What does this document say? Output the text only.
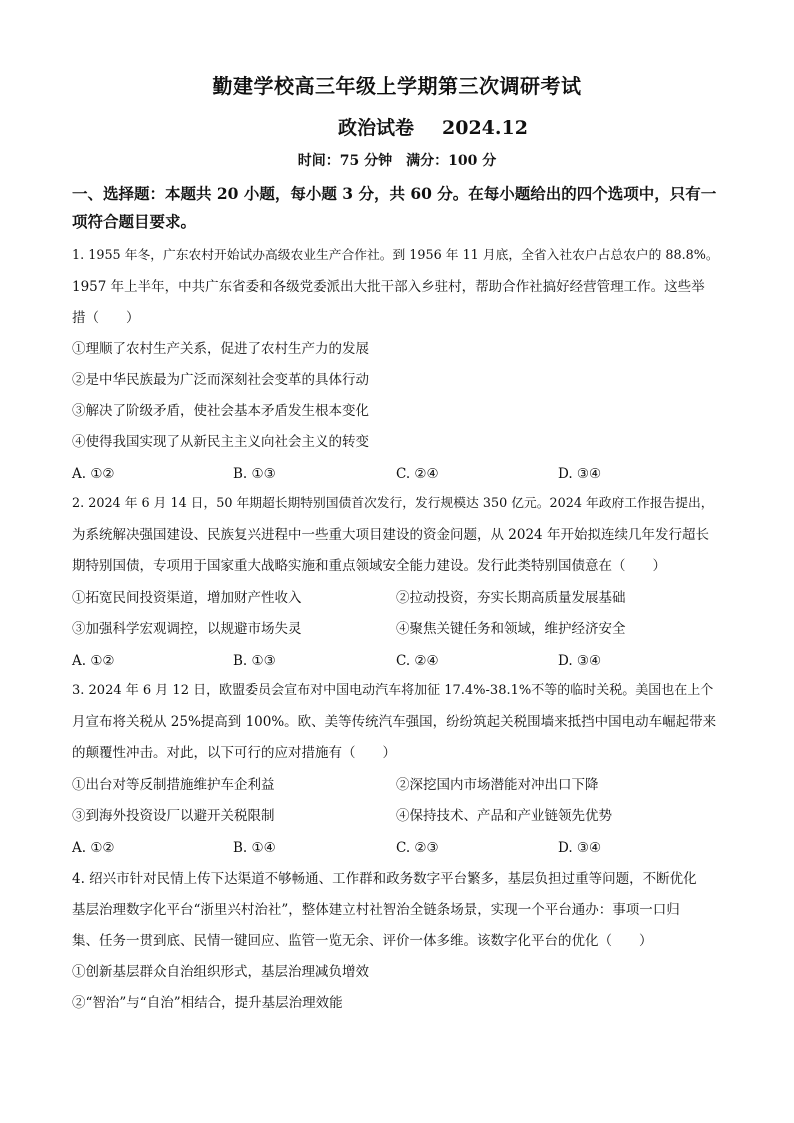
勤建学校高三年级上学期第三次调研考试
政治试卷 2024.12
时间：75 分钟　满分：100 分
一、选择题：本题共 20 小题，每小题 3 分，共 60 分。在每小题给出的四个选项中，只有一
项符合题目要求。
1. 1955 年冬，广东农村开始试办高级农业生产合作社。到 1956 年 11 月底，全省入社农户占总农户的 88.8%。
1957 年上半年，中共广东省委和各级党委派出大批干部入乡驻村，帮助合作社搞好经营管理工作。这些举
措（　　）
①理顺了农村生产关系，促进了农村生产力的发展
②是中华民族最为广泛而深刻社会变革的具体行动
③解决了阶级矛盾，使社会基本矛盾发生根本变化
④使得我国实现了从新民主主义向社会主义的转变
A. ①②	B. ①③	C. ②④	D. ③④
2. 2024 年 6 月 14 日，50 年期超长期特别国债首次发行，发行规模达 350 亿元。2024 年政府工作报告提出，
为系统解决强国建设、民族复兴进程中一些重大项目建设的资金问题，从 2024 年开始拟连续几年发行超长
期特别国债，专项用于国家重大战略实施和重点领域安全能力建设。发行此类特别国债意在（　　）
①拓宽民间投资渠道，增加财产性收入	②拉动投资，夯实长期高质量发展基础
③加强科学宏观调控，以规避市场失灵	④聚焦关键任务和领域，维护经济安全
A. ①②	B. ①③	C. ②④	D. ③④
3. 2024 年 6 月 12 日，欧盟委员会宣布对中国电动汽车将加征 17.4%-38.1%不等的临时关税。美国也在上个
月宣布将关税从 25%提高到 100%。欧、美等传统汽车强国，纷纷筑起关税围墙来抵挡中国电动车崛起带来
的颠覆性冲击。对此，以下可行的应对措施有（　　）
①出台对等反制措施维护车企利益	②深挖国内市场潜能对冲出口下降
③到海外投资设厂以避开关税限制	④保持技术、产品和产业链领先优势
A. ①②	B. ①④	C. ②③	D. ③④
4. 绍兴市针对民情上传下达渠道不够畅通、工作群和政务数字平台繁多，基层负担过重等问题，不断优化
基层治理数字化平台“浙里兴村治社”，整体建立村社智治全链条场景，实现一个平台通办：事项一口归
集、任务一贯到底、民情一键回应、监管一览无余、评价一体多维。该数字化平台的优化（　　）
①创新基层群众自治组织形式，基层治理减负增效
②“智治”与“自治”相结合，提升基层治理效能
